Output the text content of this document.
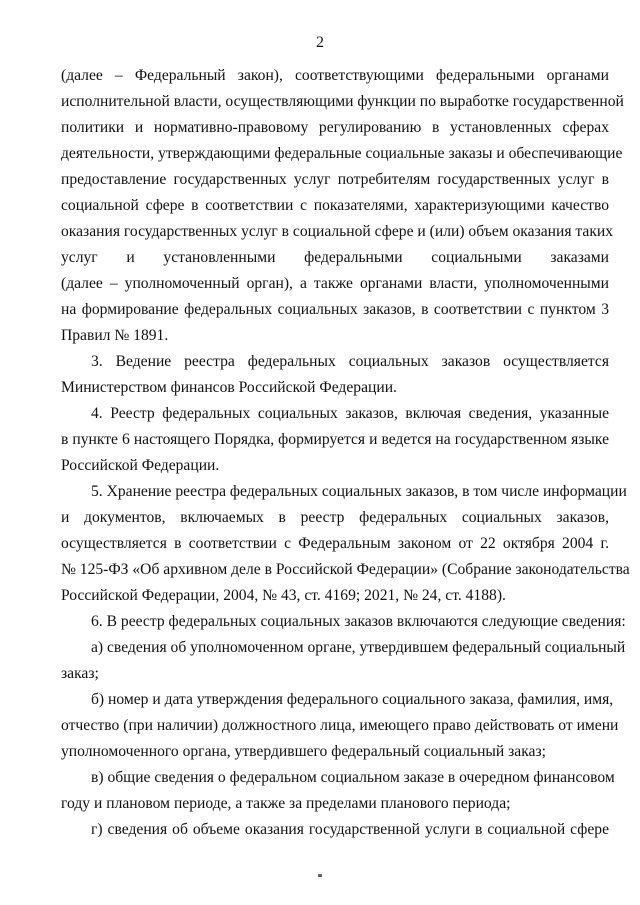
2
(далее – Федеральный закон), соответствующими федеральными органами
исполнительной власти, осуществляющими функции по выработке государственной
политики и нормативно-правовому регулированию в установленных сферах
деятельности, утверждающими федеральные социальные заказы и обеспечивающие
предоставление государственных услуг потребителям государственных услуг в
социальной сфере в соответствии с показателями, характеризующими качество
оказания государственных услуг в социальной сфере и (или) объем оказания таких
услуг и установленными федеральными социальными заказами
(далее – уполномоченный орган), а также органами власти, уполномоченными
на формирование федеральных социальных заказов, в соответствии с пунктом 3
Правил № 1891.
3. Ведение реестра федеральных социальных заказов осуществляется
Министерством финансов Российской Федерации.
4. Реестр федеральных социальных заказов, включая сведения, указанные
в пункте 6 настоящего Порядка, формируется и ведется на государственном языке
Российской Федерации.
5. Хранение реестра федеральных социальных заказов, в том числе информации
и документов, включаемых в реестр федеральных социальных заказов,
осуществляется в соответствии с Федеральным законом от 22 октября 2004 г.
№ 125-ФЗ «Об архивном деле в Российской Федерации» (Собрание законодательства
Российской Федерации, 2004, № 43, ст. 4169; 2021, № 24, ст. 4188).
6. В реестр федеральных социальных заказов включаются следующие сведения:
а) сведения об уполномоченном органе, утвердившем федеральный социальный
заказ;
б) номер и дата утверждения федерального социального заказа, фамилия, имя,
отчество (при наличии) должностного лица, имеющего право действовать от имени
уполномоченного органа, утвердившего федеральный социальный заказ;
в) общие сведения о федеральном социальном заказе в очередном финансовом
году и плановом периоде, а также за пределами планового периода;
г) сведения об объеме оказания государственной услуги в социальной сфере
